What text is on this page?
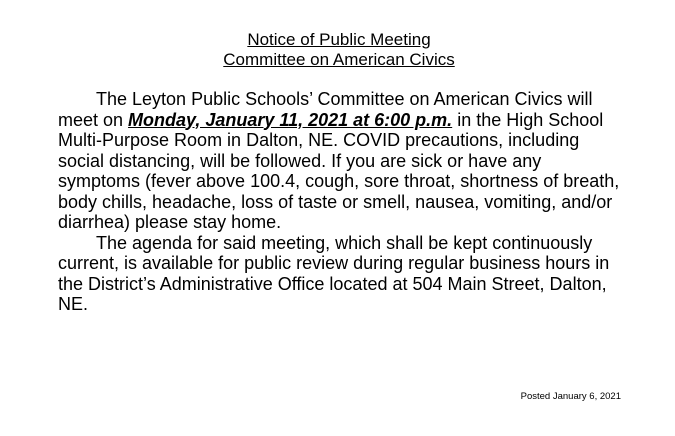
Notice of Public Meeting
Committee on American Civics
The Leyton Public Schools’ Committee on American Civics will meet on Monday, January 11, 2021 at 6:00 p.m. in the High School Multi-Purpose Room in Dalton, NE. COVID precautions, including social distancing, will be followed. If you are sick or have any symptoms (fever above 100.4, cough, sore throat, shortness of breath, body chills, headache, loss of taste or smell, nausea, vomiting, and/or diarrhea) please stay home.
The agenda for said meeting, which shall be kept continuously current, is available for public review during regular business hours in the District’s Administrative Office located at 504 Main Street, Dalton, NE.
Posted January 6, 2021
